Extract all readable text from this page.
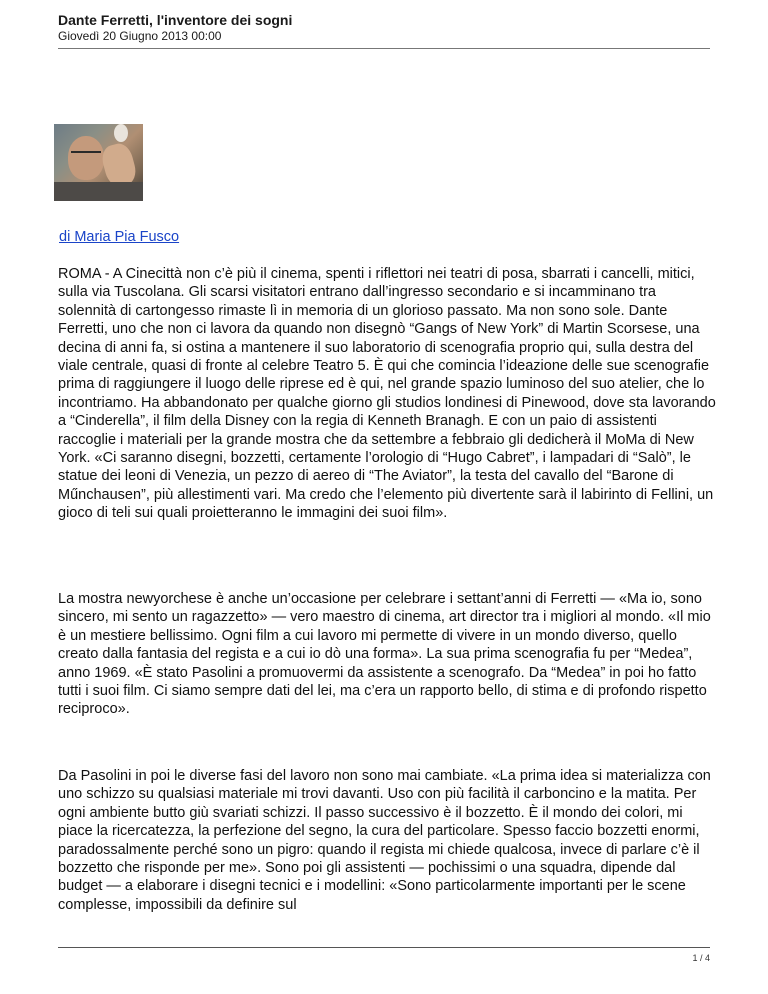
Dante Ferretti, l'inventore dei sogni
Giovedì 20 Giugno 2013 00:00
di Maria Pia Fusco

ROMA - A Cinecittà non c’è più il cinema, spenti i riflettori nei teatri di posa, sbarrati i cancelli, mitici, sulla via Tuscolana. Gli scarsi visitatori entrano dall’ingresso secondario e si incamminano tra solennità di cartongesso rimaste lì in memoria di un glorioso passato. Ma non sono sole. Dante Ferretti, uno che non ci lavora da quando non disegnò “Gangs of New York” di Martin Scorsese, una decina di anni fa, si ostina a mantenere il suo laboratorio di scenografia proprio qui, sulla destra del viale centrale, quasi di fronte al celebre Teatro 5. È qui che comincia l’ideazione delle sue scenografie prima di raggiungere il luogo delle riprese ed è qui, nel grande spazio luminoso del suo atelier, che lo incontriamo. Ha abbandonato per qualche giorno gli studios londinesi di Pinewood, dove sta lavorando a “Cinderella”, il film della Disney con la regia di Kenneth Branagh. E con un paio di assistenti raccoglie i materiali per la grande mostra che da settembre a febbraio gli dedicherà il MoMa di New York. «Ci saranno disegni, bozzetti, certamente l’orologio di “Hugo Cabret”, i lampadari di “Salò”, le statue dei leoni di Venezia, un pezzo di aereo di “The Aviator”, la testa del cavallo del “Barone di Műnchausen”, più allestimenti vari. Ma credo che l’elemento più divertente sarà il labirinto di Fellini, un gioco di teli sui quali proietteranno le immagini dei suoi film».

La mostra newyorchese è anche un’occasione per celebrare i settant’anni di Ferretti — «Ma io, sono sincero, mi sento un ragazzetto» — vero maestro di cinema, art director tra i migliori al mondo. «Il mio è un mestiere bellissimo. Ogni film a cui lavoro mi permette di vivere in un mondo diverso, quello creato dalla fantasia del regista e a cui io dò una forma». La sua prima scenografia fu per “Medea”, anno 1969. «È stato Pasolini a promuovermi da assistente a scenografo. Da “Medea” in poi ho fatto tutti i suoi film. Ci siamo sempre dati del lei, ma c’era un rapporto bello, di stima e di profondo rispetto reciproco».

Da Pasolini in poi le diverse fasi del lavoro non sono mai cambiate. «La prima idea si materializza con uno schizzo su qualsiasi materiale mi trovi davanti. Uso con più facilità il carboncino e la matita. Per ogni ambiente butto giù svariati schizzi. Il passo successivo è il bozzetto. È il mondo dei colori, mi piace la ricercatezza, la perfezione del segno, la cura del particolare. Spesso faccio bozzetti enormi, paradossalmente perché sono un pigro: quando il regista mi chiede qualcosa, invece di parlare c’è il bozzetto che risponde per me». Sono poi gli assistenti — pochissimi o una squadra, dipende dal budget — a elaborare i disegni tecnici e i modellini: «Sono particolarmente importanti per le scene complesse, impossibili da definire sul

1 / 4
